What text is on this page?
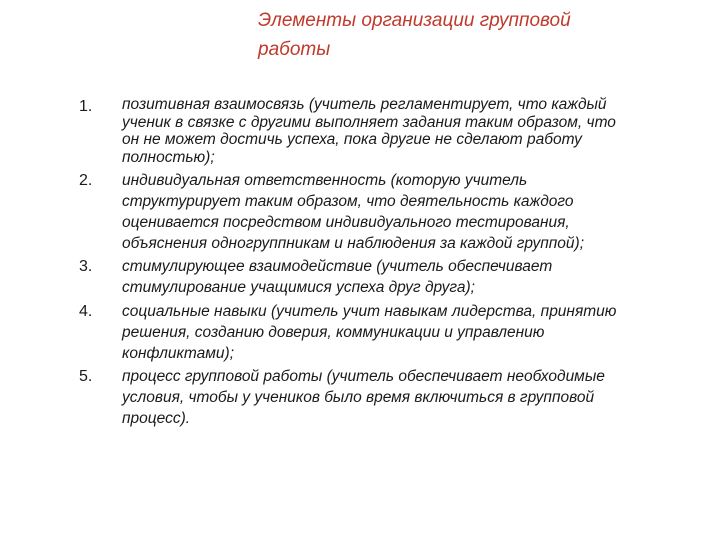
Элементы организации групповой
работы
1.	позитивная взаимосвязь (учитель регламентирует, что каждый
ученик в связке с другими выполняет задания таким образом, что
он не может достичь успеха, пока другие не сделают работу
полностью);
2.	индивидуальная ответственность (которую учитель
структурирует таким образом, что деятельность каждого
оценивается посредством индивидуального тестирования,
объяснения одногруппникам и наблюдения за каждой группой);
3.	стимулирующее взаимодействие (учитель обеспечивает
стимулирование учащимися успеха друг друга);
4.	социальные навыки (учитель учит навыкам лидерства, принятию
решения, созданию доверия, коммуникации и управлению
конфликтами);
5.	процесс групповой работы (учитель обеспечивает необходимые
условия, чтобы у учеников было время включиться в групповой
процесс).
